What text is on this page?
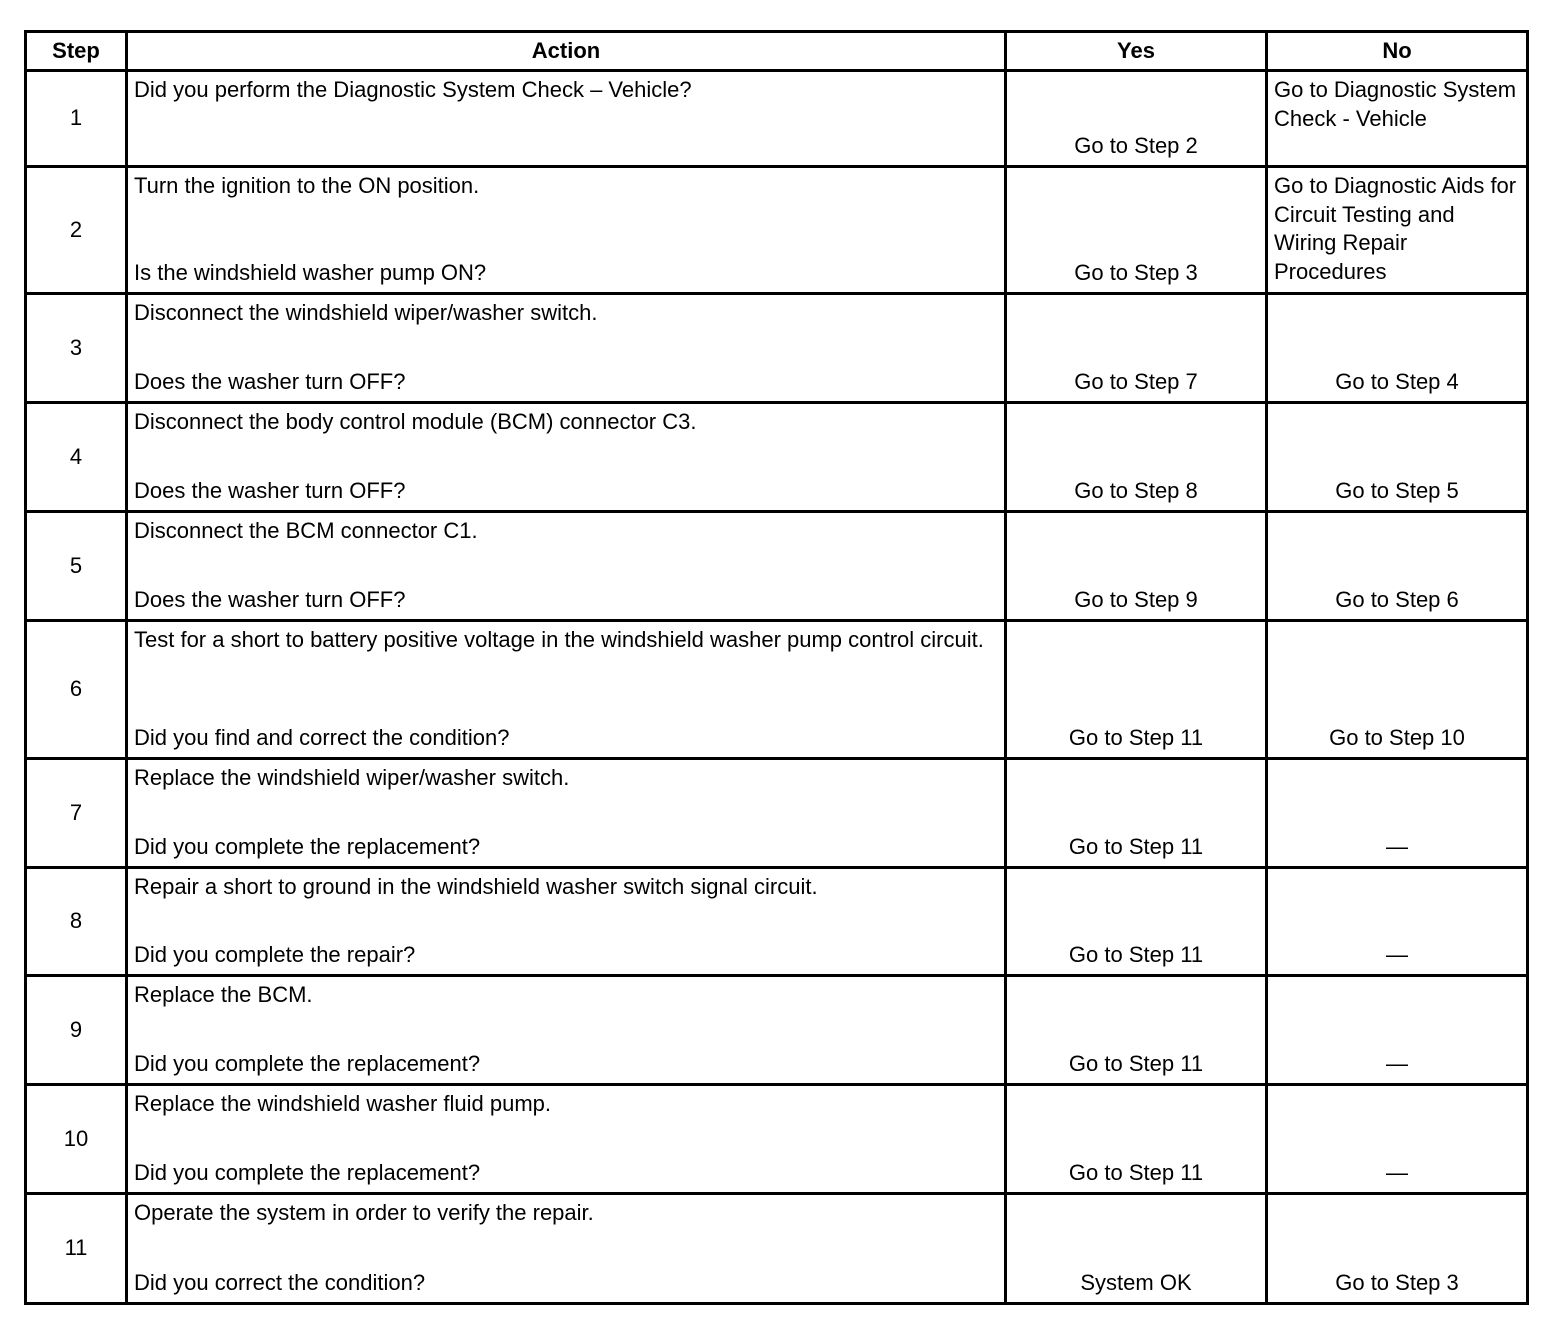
Step	Action	Yes	No
1	Did you perform the Diagnostic System Check – Vehicle?	Go to Step 2	Go to Diagnostic System Check - Vehicle
2	Turn the ignition to the ON position.
Is the windshield washer pump ON?	Go to Step 3	Go to Diagnostic Aids for Circuit Testing and Wiring Repair Procedures
3	Disconnect the windshield wiper/washer switch.
Does the washer turn OFF?	Go to Step 7	Go to Step 4
4	Disconnect the body control module (BCM) connector C3.
Does the washer turn OFF?	Go to Step 8	Go to Step 5
5	Disconnect the BCM connector C1.
Does the washer turn OFF?	Go to Step 9	Go to Step 6
6	Test for a short to battery positive voltage in the windshield washer pump control circuit.
Did you find and correct the condition?	Go to Step 11	Go to Step 10
7	Replace the windshield wiper/washer switch.
Did you complete the replacement?	Go to Step 11	—
8	Repair a short to ground in the windshield washer switch signal circuit.
Did you complete the repair?	Go to Step 11	—
9	Replace the BCM.
Did you complete the replacement?	Go to Step 11	—
10	Replace the windshield washer fluid pump.
Did you complete the replacement?	Go to Step 11	—
11	Operate the system in order to verify the repair.
Did you correct the condition?	System OK	Go to Step 3
